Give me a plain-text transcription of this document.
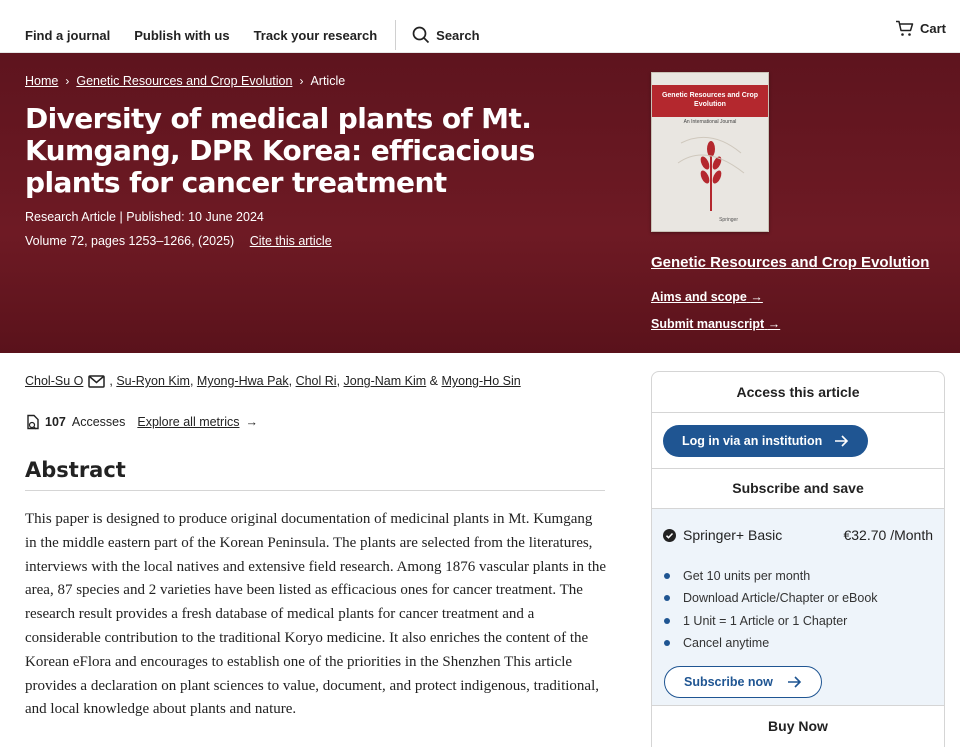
Find a journal Publish with us Track your research	Search	Cart
Home › Genetic Resources and Crop Evolution › Article
Diversity of medical plants of Mt. Kumgang, DPR Korea: efficacious plants for cancer treatment
Research Article | Published: 10 June 2024
Volume 72, pages 1253–1266, (2025) Cite this article
Genetic Resources and Crop Evolution
An International Journal
Springer
Genetic Resources and Crop Evolution
Aims and scope →
Submit manuscript →
Chol-Su O , Su-Ryon Kim , Myong-Hwa Pak , Chol Ri , Jong-Nam Kim & Myong-Ho Sin
107 Accesses Explore all metrics →
Abstract

This paper is designed to produce original documentation of medicinal plants in Mt. Kumgang in the middle eastern part of the Korean Peninsula. The plants are selected from the literatures, interviews with the local natives and extensive field research. Among 1876 vascular plants in the area, 87 species and 2 varieties have been listed as efficacious ones for cancer treatment. The research result provides a fresh database of medical plants for cancer treatment and a considerable contribution to the traditional Koryo medicine. It also enriches the content of the Korean eFlora and encourages to establish one of the priorities in the Shenzhen This article provides a declaration on plant sciences to value, document, and protect indigenous, traditional, and local knowledge about plants and nature.

Access this article
Log in via an institution
Subscribe and save
Springer+ Basic	€32.70 /Month
Get 10 units per month
Download Article/Chapter or eBook
1 Unit = 1 Article or 1 Chapter
Cancel anytime
Subscribe now
Buy Now
